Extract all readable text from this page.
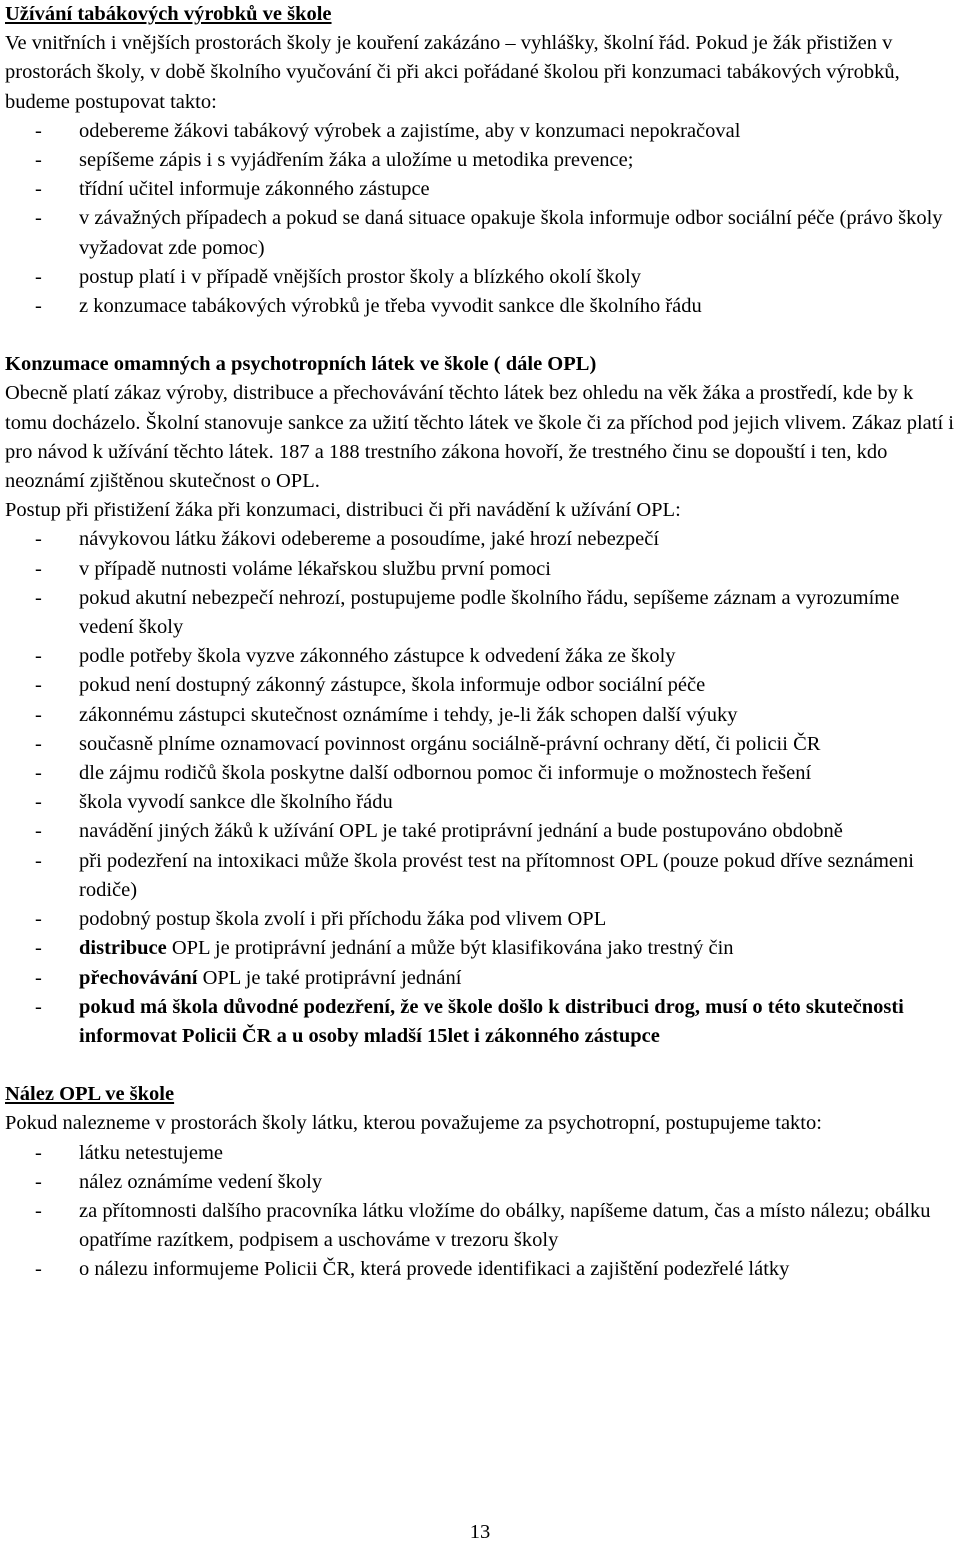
Užívání tabákových výrobků ve škole

Ve vnitřních i vnějších prostorách školy je kouření zakázáno – vyhlášky, školní řád. Pokud je žák přistižen v prostorách školy, v době školního vyučování či při akci pořádané školou při konzumaci tabákových výrobků, budeme postupovat takto:

- odebereme žákovi tabákový výrobek a zajistíme, aby v konzumaci nepokračoval
- sepíšeme zápis i s vyjádřením žáka a uložíme u metodika prevence;
- třídní učitel informuje zákonného zástupce
- v závažných případech a pokud se daná situace opakuje škola informuje odbor sociální péče (právo školy vyžadovat zde pomoc)
- postup platí i v případě vnějších prostor školy a blízkého okolí školy
- z konzumace tabákových výrobků je třeba vyvodit sankce dle školního řádu

Konzumace omamných a psychotropních látek ve škole ( dále OPL)

Obecně platí zákaz výroby, distribuce a přechovávání těchto látek bez ohledu na věk žáka a prostředí, kde by k tomu docházelo. Školní stanovuje sankce za užití těchto látek ve škole či za příchod pod jejich vlivem. Zákaz platí i pro návod k užívání těchto látek. 187 a 188 trestního zákona hovoří, že trestného činu se dopouští i ten, kdo neoznámí zjištěnou skutečnost o OPL.

Postup při přistižení žáka při konzumaci, distribuci či při navádění k užívání OPL:

- návykovou látku žákovi odebereme a posoudíme, jaké hrozí nebezpečí
- v případě nutnosti voláme lékařskou službu první pomoci
- pokud akutní nebezpečí nehrozí, postupujeme podle školního řádu, sepíšeme záznam a vyrozumíme vedení školy
- podle potřeby škola vyzve zákonného zástupce k odvedení žáka ze školy
- pokud není dostupný zákonný zástupce, škola informuje odbor sociální péče
- zákonnému zástupci skutečnost oznámíme i tehdy, je-li žák schopen další výuky
- současně plníme oznamovací povinnost orgánu sociálně-právní ochrany dětí, či policii ČR
- dle zájmu rodičů škola poskytne další odbornou pomoc či informuje o možnostech řešení
- škola vyvodí sankce dle školního řádu
- navádění jiných žáků k užívání OPL je také protiprávní jednání a bude postupováno obdobně
- při podezření na intoxikaci může škola provést test na přítomnost OPL (pouze pokud dříve seznámeni rodiče)
- podobný postup škola zvolí i při příchodu žáka pod vlivem OPL
- distribuce OPL je protiprávní jednání a může být klasifikována jako trestný čin
- přechovávání OPL je také protiprávní jednání
- pokud má škola důvodné podezření, že ve škole došlo k distribuci drog, musí o této skutečnosti informovat Policii ČR a u osoby mladší 15let i zákonného zástupce

Nález OPL ve škole

Pokud nalezneme v prostorách školy látku, kterou považujeme za psychotropní, postupujeme takto:

- látku netestujeme
- nález oznámíme vedení školy
- za přítomnosti dalšího pracovníka látku vložíme do obálky, napíšeme datum, čas a místo nálezu; obálku opatříme razítkem, podpisem a uschováme v trezoru školy
- o nálezu informujeme Policii ČR, která provede identifikaci a zajištění podezřelé látky
13
